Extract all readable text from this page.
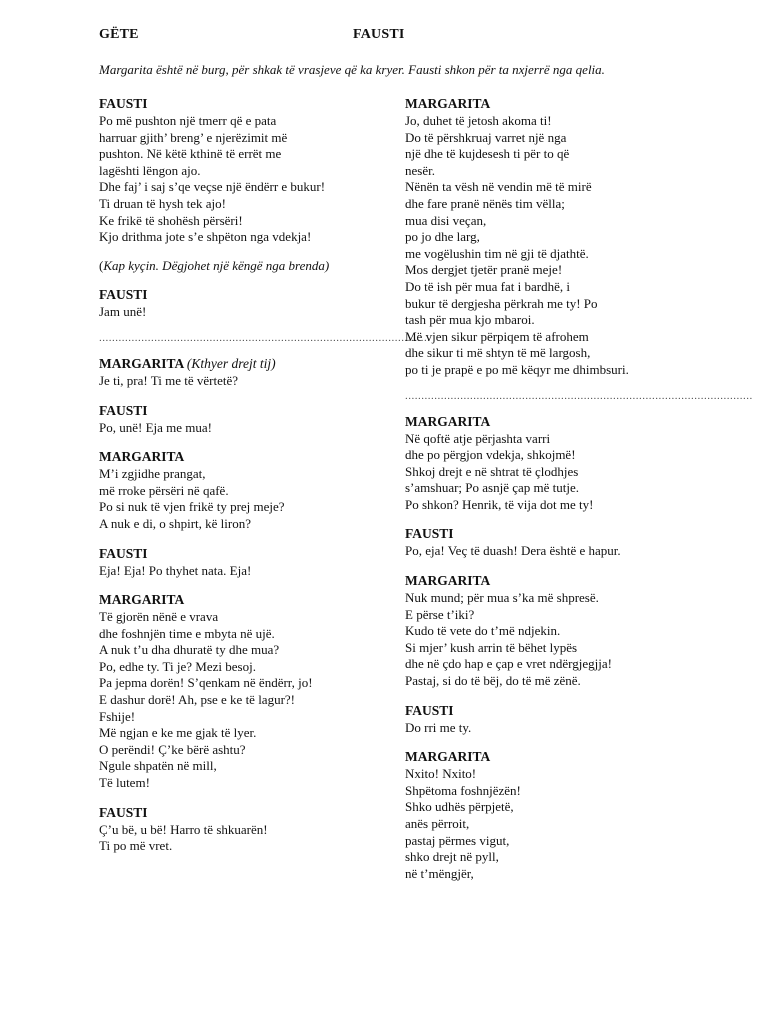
GËTE	FAUSTI
Margarita është në burg, për shkak të vrasjeve që ka kryer. Fausti shkon për ta nxjerrë nga qelia.
FAUSTI
Po më pushton një tmerr që e pata
harruar gjith’ breng’ e njerëzimit më
pushton. Në këtë kthinë të errët me
lagështi lëngon ajo.
Dhe faj’ i saj s’qe veçse një ëndërr e bukur!
Ti druan të hysh tek ajo!
Ke frikë të shohësh përsëri!
Kjo drithma jote s’e shpëton nga vdekja!
(Kap kyçin. Dëgjohet një këngë nga brenda)
FAUSTI
Jam unë!
......................................................................................................
MARGARITA (Kthyer drejt tij)
Je ti, pra! Ti me të vërtetë?
FAUSTI
Po, unë! Eja me mua!
MARGARITA
M’i zgjidhe prangat,
më rroke përsëri në qafë.
Po si nuk të vjen frikë ty prej meje?
A nuk e di, o shpirt, kë liron?
FAUSTI
Eja! Eja! Po thyhet nata. Eja!
MARGARITA
Të gjorën nënë e vrava
dhe foshnjën time e mbyta në ujë.
A nuk t’u dha dhuratë ty dhe mua?
Po, edhe ty. Ti je? Mezi besoj.
Pa jepma dorën! S’qenkam në ëndërr, jo!
E dashur dorë! Ah, pse e ke të lagur?!
Fshije!
Më ngjan e ke me gjak të lyer.
O perëndi! Ç’ke bërë ashtu?
Ngule shpatën në mill,
Të lutem!
FAUSTI
Ç’u bë, u bë! Harro të shkuarën!
Ti po më vret.
MARGARITA
Jo, duhet të jetosh akoma ti!
Do të përshkruaj varret një nga
një dhe të kujdesesh ti për to që
nesër.
Nënën ta vësh në vendin më të mirë
dhe fare pranë nënës tim vëlla;
mua disi veçan,
po jo dhe larg,
me vogëlushin tim në gji të djathtë.
Mos dergjet tjetër pranë meje!
Do të ish për mua fat i bardhë, i
bukur të dergjesha përkrah me ty! Po
tash për mua kjo mbaroi.
Më vjen sikur përpiqem të afrohem
dhe sikur ti më shtyn të më largosh,
po ti je prapë e po më këqyr me dhimbsuri.
...........................................................................................................
MARGARITA
Në qoftë atje përjashta varri
dhe po përgjon vdekja, shkojmë!
Shkoj drejt e në shtrat të çlodhjes
s’amshuar; Po asnjë çap më tutje.
Po shkon? Henrik, të vija dot me ty!
FAUSTI
Po, eja! Veç të duash! Dera është e hapur.
MARGARITA
Nuk mund; për mua s’ka më shpresë.
E përse t’iki?
Kudo të vete do t’më ndjekin.
Si mjer’ kush arrin të bëhet lypës
dhe në çdo hap e çap e vret ndërgjegjja!
Pastaj, si do të bëj, do të më zënë.
FAUSTI
Do rri me ty.
MARGARITA
Nxito! Nxito!
Shpëtoma foshnjëzën!
Shko udhës përpjetë,
anës përroit,
pastaj përmes vigut,
shko drejt në pyll,
në t’mëngjër,
